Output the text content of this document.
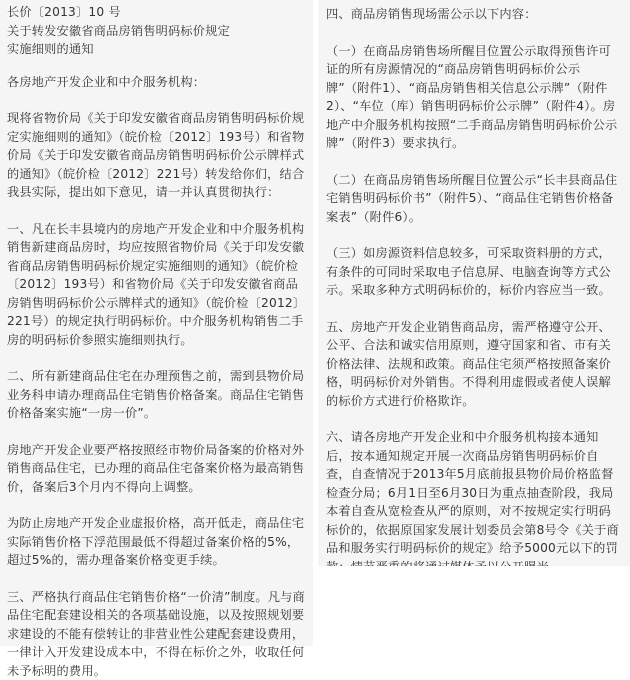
长价〔2013〕10 号
关于转发安徽省商品房销售明码标价规定
实施细则的通知

各房地产开发企业和中介服务机构：

现将省物价局《关于印发安徽省商品房销售明码标价规定实施细则的通知》（皖价检〔2012〕193号）和省物价局《关于印发安徽省商品房销售明码标价公示牌样式的通知》（皖价检〔2012〕221号）转发给你们，结合我县实际，提出如下意见，请一并认真贯彻执行：

一、凡在长丰县境内的房地产开发企业和中介服务机构销售新建商品房时，均应按照省物价局《关于印发安徽省商品房销售明码标价规定实施细则的通知》（皖价检〔2012〕193号）和省物价局《关于印发安徽省商品房销售明码标价公示牌样式的通知》（皖价检〔2012〕221号）的规定执行明码标价。中介服务机构销售二手房的明码标价参照实施细则执行。

二、所有新建商品住宅在办理预售之前，需到县物价局业务科申请办理商品住宅销售价格备案。商品住宅销售价格备案实施“一房一价”。

房地产开发企业要严格按照经市物价局备案的价格对外销售商品住宅，已办理的商品住宅备案价格为最高销售价，备案后3个月内不得向上调整。

为防止房地产开发企业虚报价格，高开低走，商品住宅实际销售价格下浮范围最低不得超过备案价格的5%，超过5%的，需办理备案价格变更手续。

三、严格执行商品住宅销售价格“一价清”制度。凡与商品住宅配套建设相关的各项基础设施，以及按照规划要求建设的不能有偿转让的非营业性公建配套建设费用，一律计入开发建设成本中，不得在标价之外，收取任何未予标明的费用。

四、商品房销售现场需公示以下内容：

（一）在商品房销售场所醒目位置公示取得预售许可证的所有房源情况的“商品房销售明码标价公示牌”（附件1）、“商品房销售相关信息公示牌”（附件2）、“车位（库）销售明码标价公示牌”（附件4）。房地产中介服务机构按照“二手商品房销售明码标价公示牌”（附件3）要求执行。

（二）在商品房销售场所醒目位置公示“长丰县商品住宅销售明码标价书”（附件5）、“商品住宅销售价格备案表”（附件6）。

（三）如房源资料信息较多，可采取资料册的方式，有条件的可同时采取电子信息屏、电脑查询等方式公示。采取多种方式明码标价的，标价内容应当一致。

五、房地产开发企业销售商品房，需严格遵守公开、公平、合法和诚实信用原则，遵守国家和省、市有关价格法律、法规和政策。商品住宅须严格按照备案价格，明码标价对外销售。不得利用虚假或者使人误解的标价方式进行价格欺诈。

六、请各房地产开发企业和中介服务机构接本通知后，按本通知规定开展一次商品房销售明码标价自查，自查情况于2013年5月底前报县物价局价格监督检查分局；6月1日至6月30日为重点抽查阶段，我局本着自查从宽检查从严的原则，对不按规定实行明码标价的，依据原国家发展计划委员会第8号令《关于商品和服务实行明码标价的规定》给予5000元以下的罚
